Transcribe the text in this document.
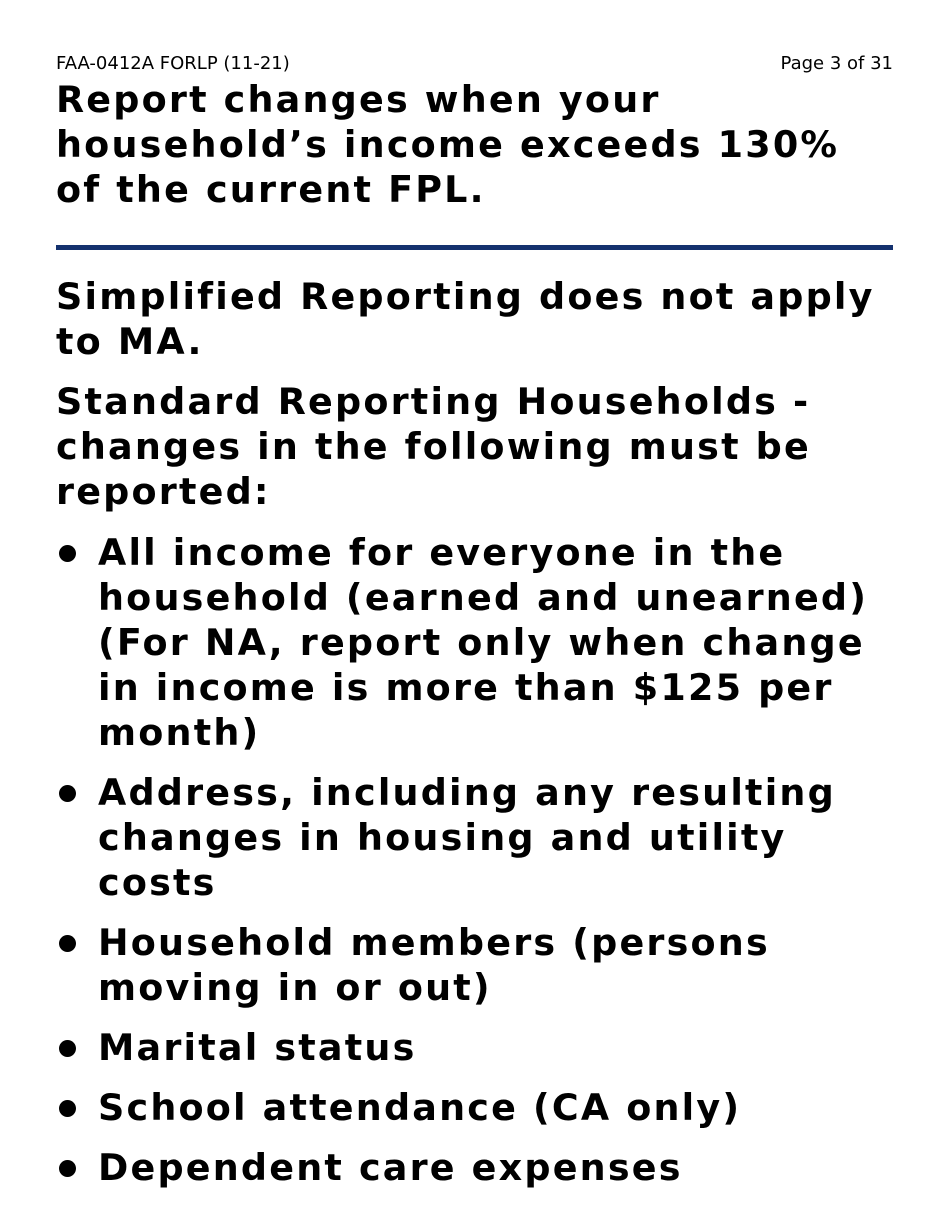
FAA-0412A FORLP (11-21)	Page 3 of 31
Report changes when your household’s income exceeds 130% of the current FPL.

Simplified Reporting does not apply to MA.

Standard Reporting Households - changes in the following must be reported:

All income for everyone in the household (earned and unearned) (For NA, report only when change in income is more than $125 per month)
Address, including any resulting changes in housing and utility costs
Household members (persons moving in or out)
Marital status
School attendance (CA only)
Dependent care expenses
